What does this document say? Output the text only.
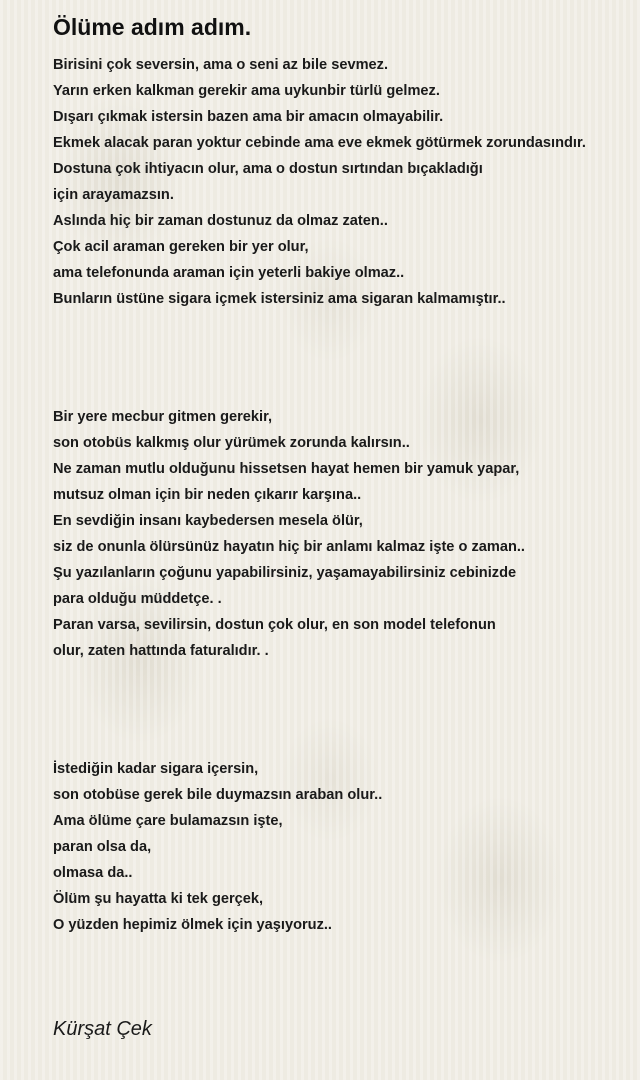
Ölüme adım adım.
Birisini çok seversin, ama o seni az bile sevmez.
Yarın erken kalkman gerekir ama uykunbir türlü gelmez.
Dışarı çıkmak istersin bazen ama bir amacın olmayabilir.
Ekmek alacak paran yoktur cebinde ama eve ekmek götürmek zorundasındır.
Dostuna çok ihtiyacın olur, ama o dostun sırtından bıçakladığı
için arayamazsın.
Aslında hiç bir zaman dostunuz da olmaz zaten..
Çok acil araman gereken bir yer olur,
ama telefonunda araman için yeterli bakiye olmaz..
Bunların üstüne sigara içmek istersiniz ama sigaran kalmamıştır..
Bir yere mecbur gitmen gerekir,
son otobüs kalkmış olur yürümek zorunda kalırsın..
Ne zaman mutlu olduğunu hissetsen hayat hemen bir yamuk yapar,
mutsuz olman için bir neden çıkarır karşına..
En sevdiğin insanı kaybedersen mesela ölür,
siz de onunla ölürsünüz hayatın hiç bir anlamı kalmaz işte o zaman..
Şu yazılanların çoğunu yapabilirsiniz, yaşamayabilirsiniz cebinizde
para olduğu müddetçe. .
Paran varsa, sevilirsin, dostun çok olur, en son model telefonun
olur, zaten hattında faturalıdır. .
İstediğin kadar sigara içersin,
son otobüse gerek bile duymazsın araban olur..
Ama ölüme çare bulamazsın işte,
paran olsa da,
olmasa da..
Ölüm şu hayatta ki tek gerçek,
O yüzden hepimiz ölmek için yaşıyoruz..
Kürşat Çek
